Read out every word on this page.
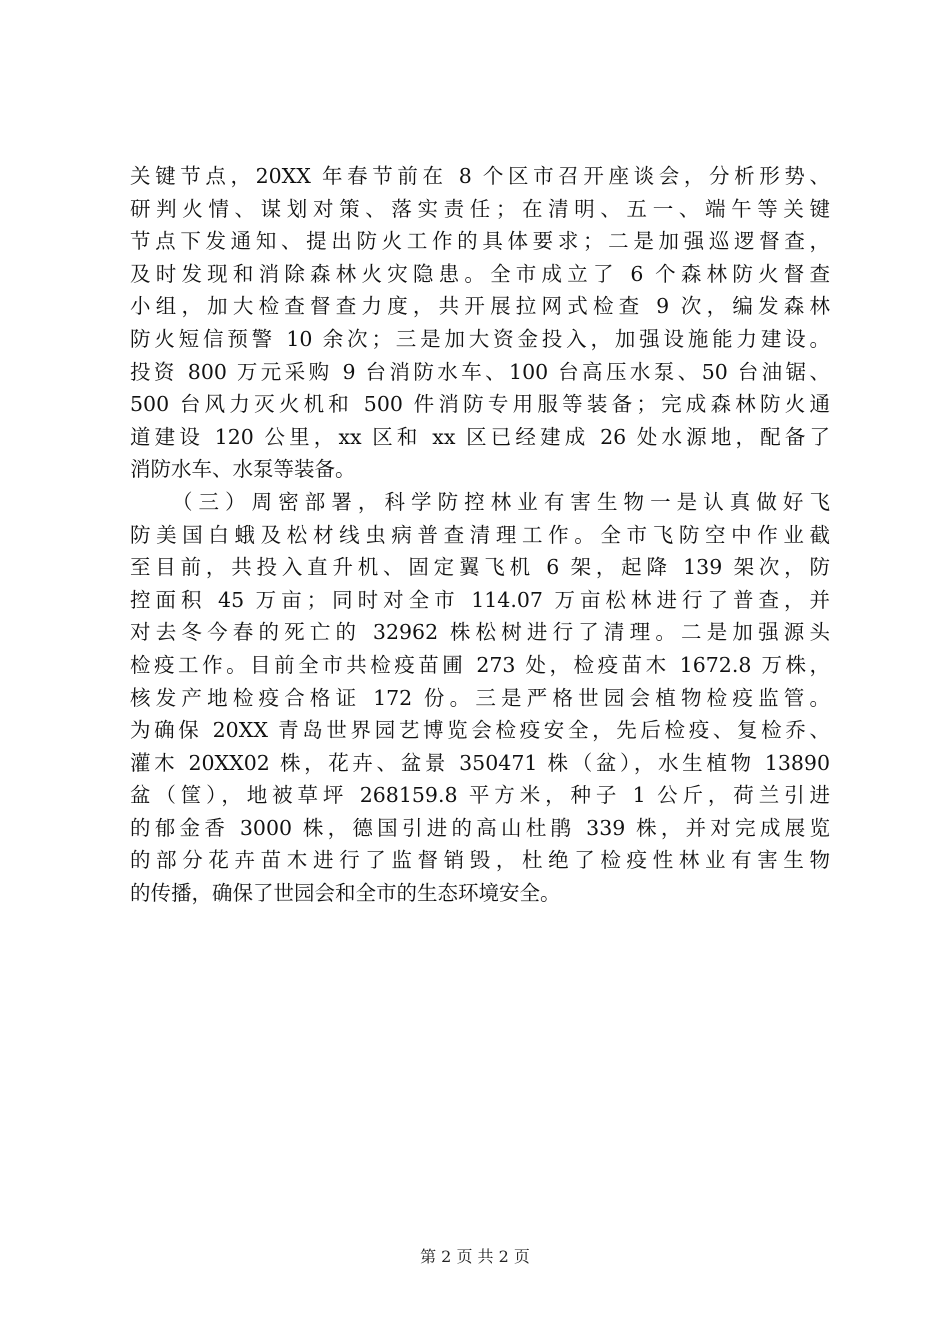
关键节点，20XX 年春节前在 8 个区市召开座谈会，分析形势、
研判火情、谋划对策、落实责任；在清明、五一、端午等关键
节点下发通知、提出防火工作的具体要求；二是加强巡逻督查，
及时发现和消除森林火灾隐患。全市成立了 6 个森林防火督查
小组，加大检查督查力度，共开展拉网式检查 9 次，编发森林
防火短信预警 10 余次；三是加大资金投入，加强设施能力建设。
投资 800 万元采购 9 台消防水车、100 台高压水泵、50 台油锯、
500 台风力灭火机和 500 件消防专用服等装备；完成森林防火通
道建设 120 公里，xx 区和 xx 区已经建成 26 处水源地，配备了
消防水车、水泵等装备。
（三）周密部署，科学防控林业有害生物一是认真做好飞
防美国白蛾及松材线虫病普查清理工作。全市飞防空中作业截
至目前，共投入直升机、固定翼飞机 6 架，起降 139 架次，防
控面积 45 万亩；同时对全市 114.07 万亩松林进行了普查，并
对去冬今春的死亡的 32962 株松树进行了清理。二是加强源头
检疫工作。目前全市共检疫苗圃 273 处，检疫苗木 1672.8 万株，
核发产地检疫合格证 172 份。三是严格世园会植物检疫监管。
为确保 20XX 青岛世界园艺博览会检疫安全，先后检疫、复检乔、
灌木 20XX02 株，花卉、盆景 350471 株（盆），水生植物 13890
盆（筐），地被草坪 268159.8 平方米，种子 1 公斤，荷兰引进
的郁金香 3000 株，德国引进的高山杜鹃 339 株，并对完成展览
的部分花卉苗木进行了监督销毁，杜绝了检疫性林业有害生物
的传播，确保了世园会和全市的生态环境安全。
第 2 页 共 2 页
